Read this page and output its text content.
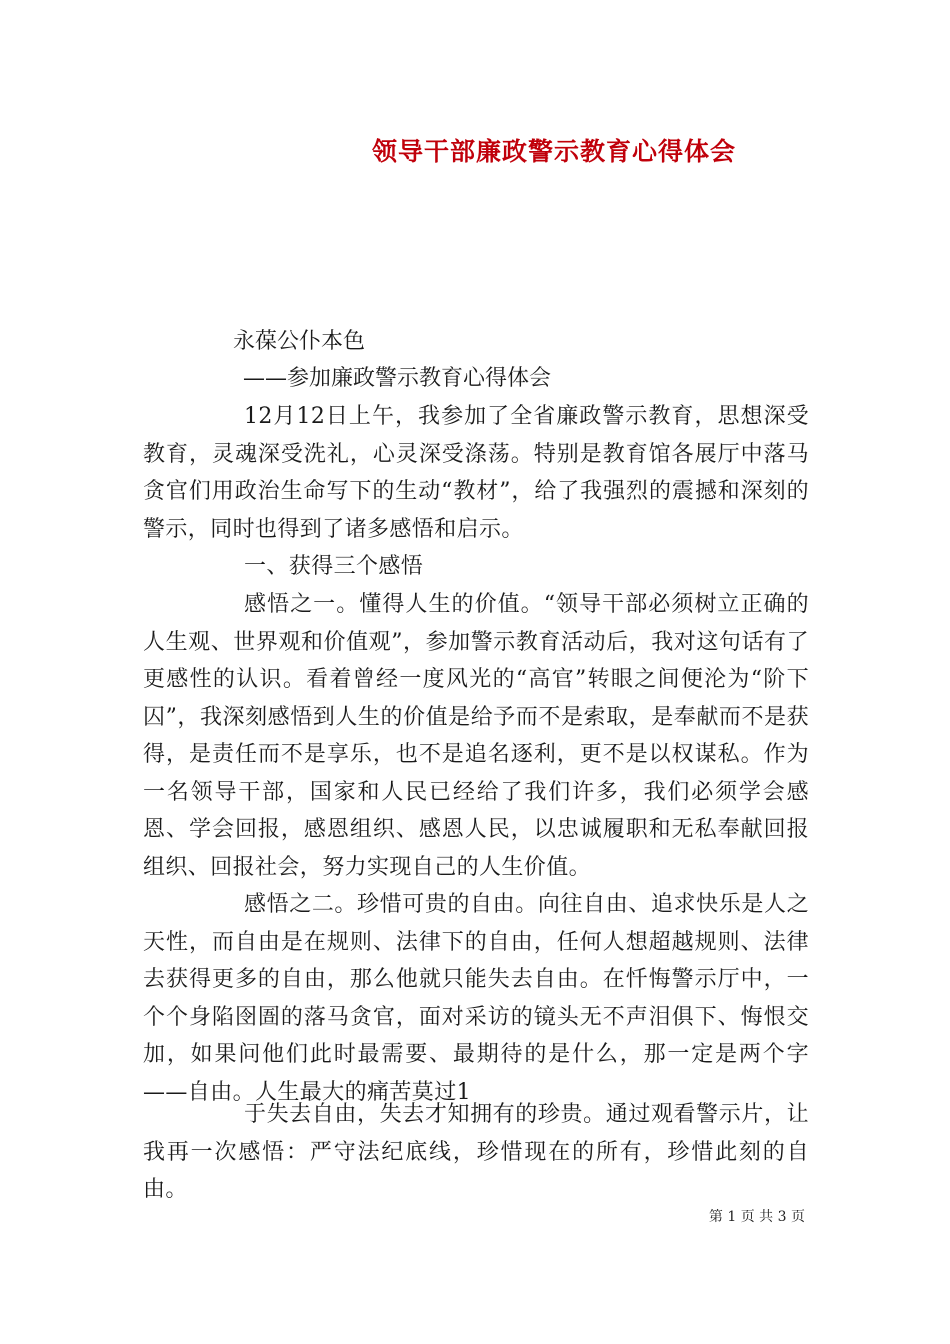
领导干部廉政警示教育心得体会
永葆公仆本色
——参加廉政警示教育心得体会
12月12日上午，我参加了全省廉政警示教育，思想深受教育，灵魂深受洗礼，心灵深受涤荡。特别是教育馆各展厅中落马贪官们用政治生命写下的生动“教材”，给了我强烈的震撼和深刻的警示，同时也得到了诸多感悟和启示。
一、获得三个感悟
感悟之一。懂得人生的价值。“领导干部必须树立正确的人生观、世界观和价值观”，参加警示教育活动后，我对这句话有了更感性的认识。看着曾经一度风光的“高官”转眼之间便沦为“阶下囚”，我深刻感悟到人生的价值是给予而不是索取，是奉献而不是获得，是责任而不是享乐，也不是追名逐利，更不是以权谋私。作为一名领导干部，国家和人民已经给了我们许多，我们必须学会感恩、学会回报，感恩组织、感恩人民，以忠诚履职和无私奉献回报组织、回报社会，努力实现自己的人生价值。
感悟之二。珍惜可贵的自由。向往自由、追求快乐是人之天性，而自由是在规则、法律下的自由，任何人想超越规则、法律去获得更多的自由，那么他就只能失去自由。在忏悔警示厅中，一个个身陷囹圄的落马贪官，面对采访的镜头无不声泪俱下、悔恨交加，如果问他们此时最需要、最期待的是什么，那一定是两个字——自由。人生最大的痛苦莫过1
于失去自由，失去才知拥有的珍贵。通过观看警示片，让我再一次感悟：严守法纪底线，珍惜现在的所有，珍惜此刻的自由。
第 1 页 共 3 页
